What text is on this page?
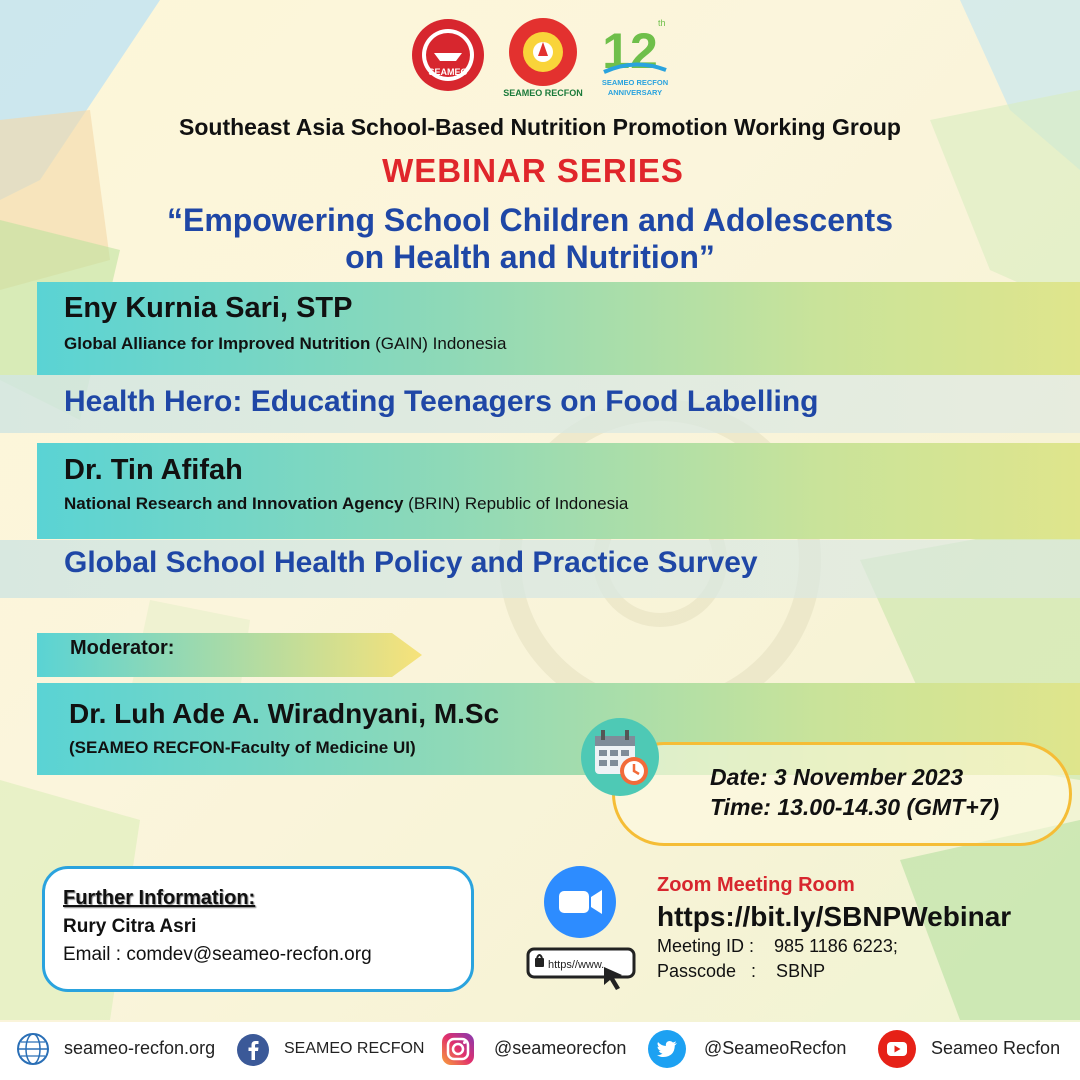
SEAMEO
SEAMEO RECFON
12 th
SEAMEO RECFON
ANNIVERSARY
Southeast Asia School-Based Nutrition Promotion Working Group
WEBINAR SERIES
“Empowering School Children and Adolescents
on Health and Nutrition”
Eny Kurnia Sari, STP
Global Alliance for Improved Nutrition (GAIN) Indonesia
Health Hero: Educating Teenagers on Food Labelling
Dr. Tin Afifah
National Research and Innovation Agency (BRIN) Republic of Indonesia
Global School Health Policy and Practice Survey
Moderator:
Dr. Luh Ade A. Wiradnyani, M.Sc
(SEAMEO RECFON-Faculty of Medicine UI)
Date: 3 November 2023
Time: 13.00-14.30 (GMT+7)
Further Information:
Rury Citra Asri
Email : comdev@seameo-recfon.org	https//www.
Zoom Meeting Room
https://bit.ly/SBNPWebinar
Meeting ID :    985 1186 6223;
Passcode   :    SBNP
seameo-recfon.org	SEAMEO RECFON	@seameorecfon	@SeameoRecfon	Seameo Recfon
